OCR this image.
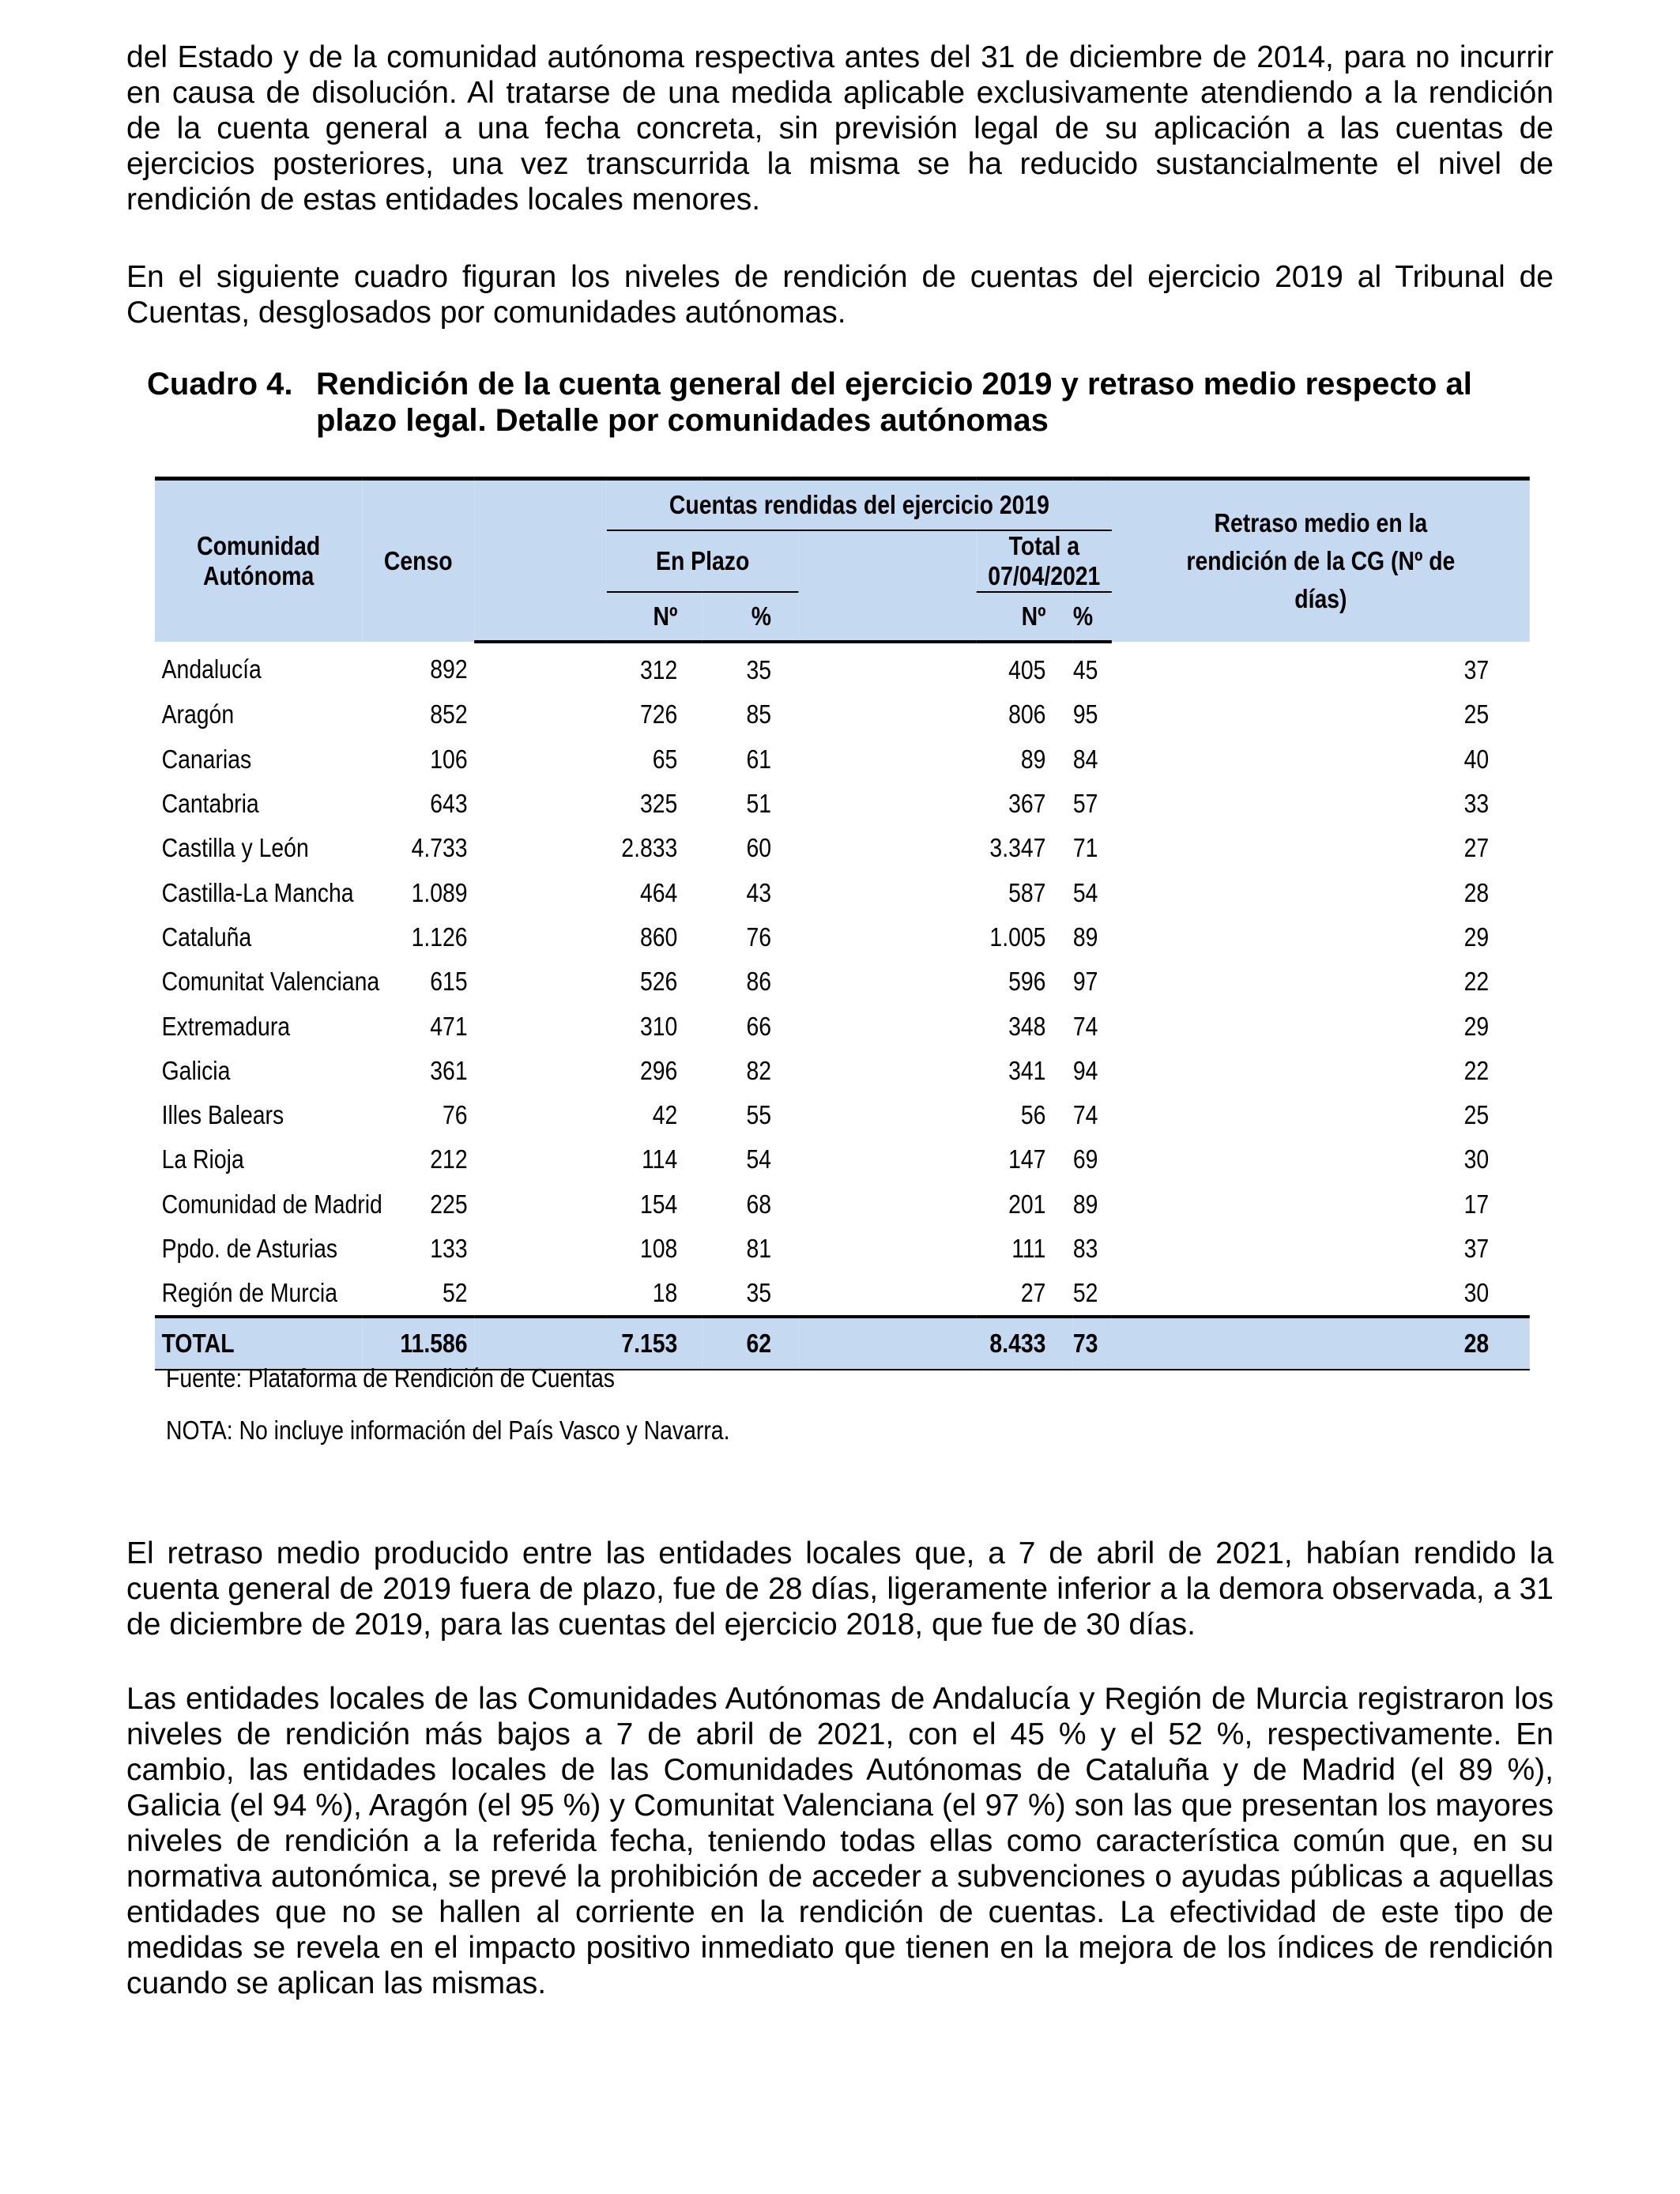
del Estado y de la comunidad autónoma respectiva antes del 31 de diciembre de 2014, para no incurrir en causa de disolución. Al tratarse de una medida aplicable exclusivamente atendiendo a la rendición de la cuenta general a una fecha concreta, sin previsión legal de su aplicación a las cuentas de ejercicios posteriores, una vez transcurrida la misma se ha reducido sustancialmente el nivel de rendición de estas entidades locales menores.

En el siguiente cuadro figuran los niveles de rendición de cuentas del ejercicio 2019 al Tribunal de Cuentas, desglosados por comunidades autónomas.

Cuadro 4. Rendición de la cuenta general del ejercicio 2019 y retraso medio respecto al plazo legal. Detalle por comunidades autónomas
Comunidad Autónoma	Censo		Cuentas rendidas del ejercicio 2019					Retraso medio en la rendición de la CG (Nº de días)	
			En Plazo			Total a 07/04/2021			
		Nº		%	Nº		%		
Andalucía	892	312		35	405		45	37	
Aragón	852	726		85	806		95	25	
Canarias	106	65		61	89		84	40	
Cantabria	643	325		51	367		57	33	
Castilla y León	4.733	2.833		60	3.347		71	27	
Castilla-La Mancha	1.089	464		43	587		54	28	
Cataluña	1.126	860		76	1.005		89	29	
Comunitat Valenciana	615	526		86	596		97	22	
Extremadura	471	310		66	348		74	29	
Galicia	361	296		82	341		94	22	
Illes Balears	76	42		55	56		74	25	
La Rioja	212	114		54	147		69	30	
Comunidad de Madrid	225	154		68	201		89	17	
Ppdo. de Asturias	133	108		81	111		83	37	
Región de Murcia	52	18		35	27		52	30	
TOTAL	11.586	7.153		62	8.433		73	28	
Fuente: Plataforma de Rendición de Cuentas
NOTA: No incluye información del País Vasco y Navarra.

El retraso medio producido entre las entidades locales que, a 7 de abril de 2021, habían rendido la cuenta general de 2019 fuera de plazo, fue de 28 días, ligeramente inferior a la demora observada, a 31 de diciembre de 2019, para las cuentas del ejercicio 2018, que fue de 30 días.

Las entidades locales de las Comunidades Autónomas de Andalucía y Región de Murcia registraron los niveles de rendición más bajos a 7 de abril de 2021, con el 45 % y el 52 %, respectivamente. En cambio, las entidades locales de las Comunidades Autónomas de Cataluña y de Madrid (el 89 %), Galicia (el 94 %), Aragón (el 95 %) y Comunitat Valenciana (el 97 %) son las que presentan los mayores niveles de rendición a la referida fecha, teniendo todas ellas como característica común que, en su normativa autonómica, se prevé la prohibición de acceder a subvenciones o ayudas públicas a aquellas entidades que no se hallen al corriente en la rendición de cuentas. La efectividad de este tipo de medidas se revela en el impacto positivo inmediato que tienen en la mejora de los índices de rendición cuando se aplican las mismas.
